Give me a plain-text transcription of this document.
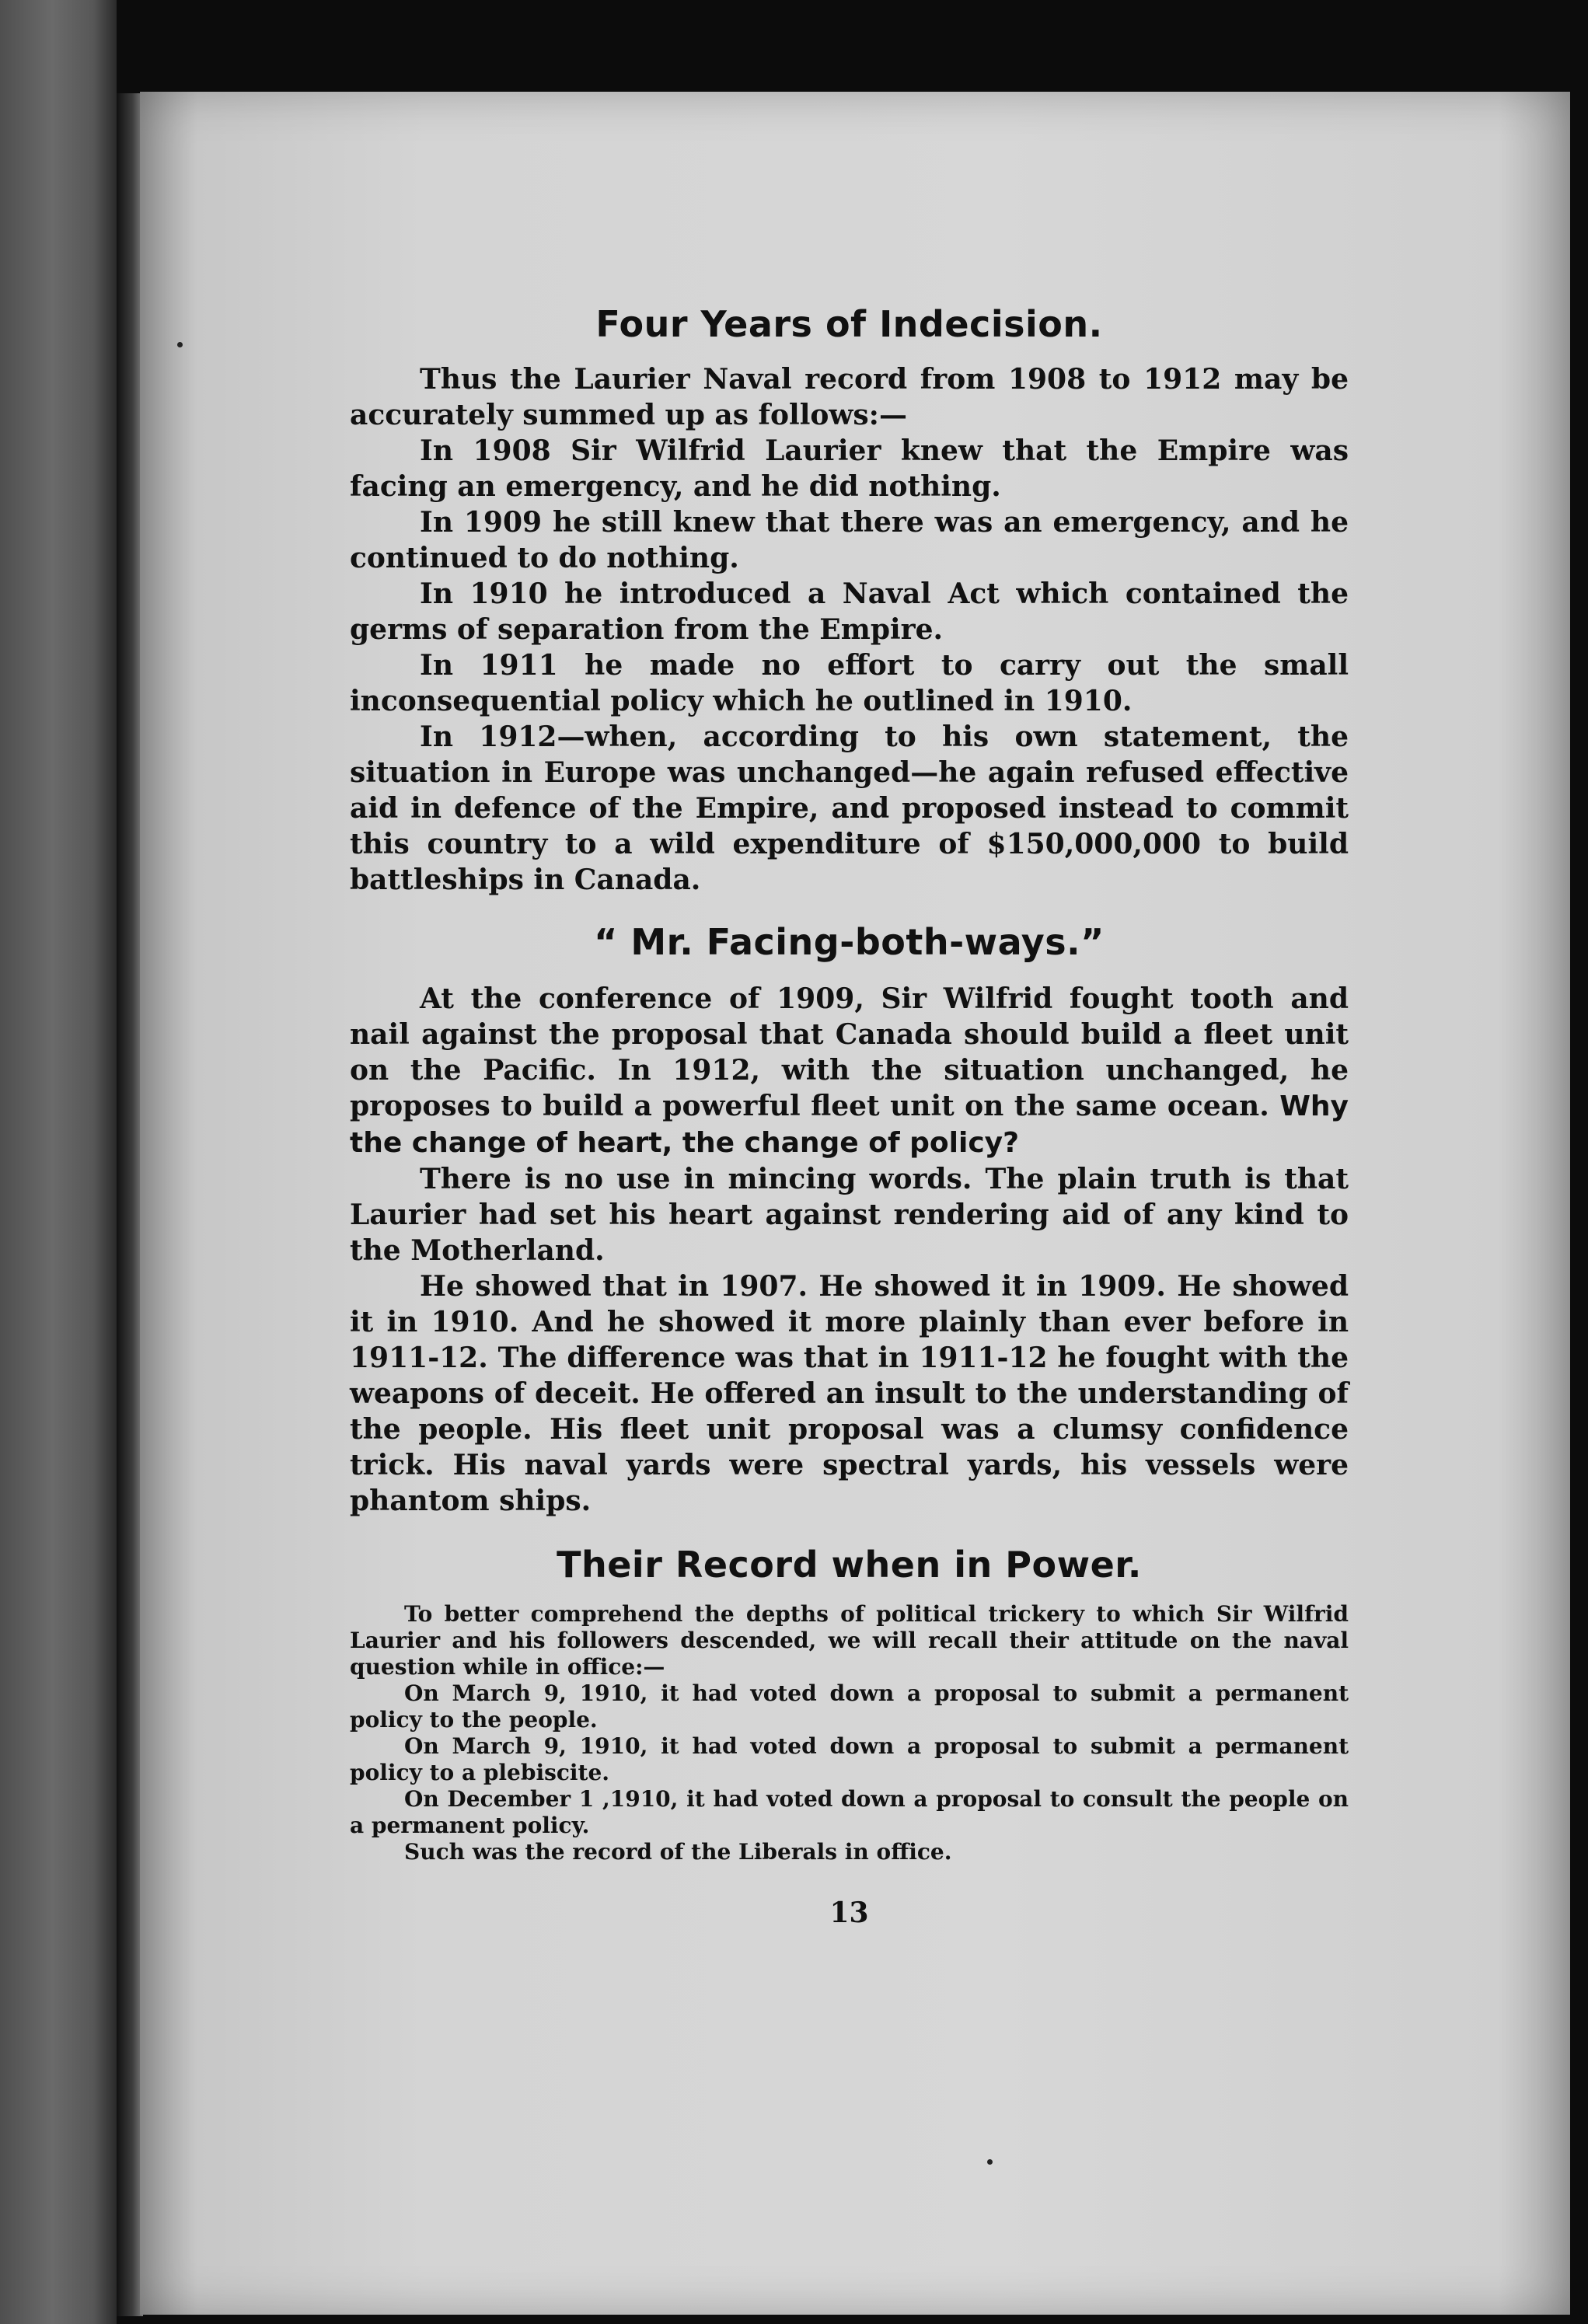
Four Years of Indecision.

Thus the Laurier Naval record from 1908 to 1912 may be accurately summed up as follows:—

In 1908 Sir Wilfrid Laurier knew that the Empire was facing an emergency, and he did nothing.

In 1909 he still knew that there was an emergency, and he continued to do nothing.

In 1910 he introduced a Naval Act which contained the germs of separation from the Empire.

In 1911 he made no effort to carry out the small inconsequential policy which he outlined in 1910.

In 1912—when, according to his own statement, the situation in Europe was unchanged—he again refused effective aid in defence of the Empire, and proposed instead to commit this country to a wild expenditure of $150,000,000 to build battleships in Canada.

“ Mr. Facing-both-ways.”

At the conference of 1909, Sir Wilfrid fought tooth and nail against the proposal that Canada should build a fleet unit on the Pacific. In 1912, with the situation unchanged, he proposes to build a powerful fleet unit on the same ocean. Why the change of heart, the change of policy?

There is no use in mincing words. The plain truth is that Laurier had set his heart against rendering aid of any kind to the Motherland.

He showed that in 1907. He showed it in 1909. He showed it in 1910. And he showed it more plainly than ever before in 1911-12. The difference was that in 1911-12 he fought with the weapons of deceit. He offered an insult to the understanding of the people. His fleet unit proposal was a clumsy confidence trick. His naval yards were spectral yards, his vessels were phantom ships.

Their Record when in Power.

To better comprehend the depths of political trickery to which Sir Wilfrid Laurier and his followers descended, we will recall their attitude on the naval question while in office:—

On March 9, 1910, it had voted down a proposal to submit a permanent policy to the people.

On March 9, 1910, it had voted down a proposal to submit a permanent policy to a plebiscite.

On December 1 ,1910, it had voted down a proposal to consult the people on a permanent policy.

Such was the record of the Liberals in office.

13
